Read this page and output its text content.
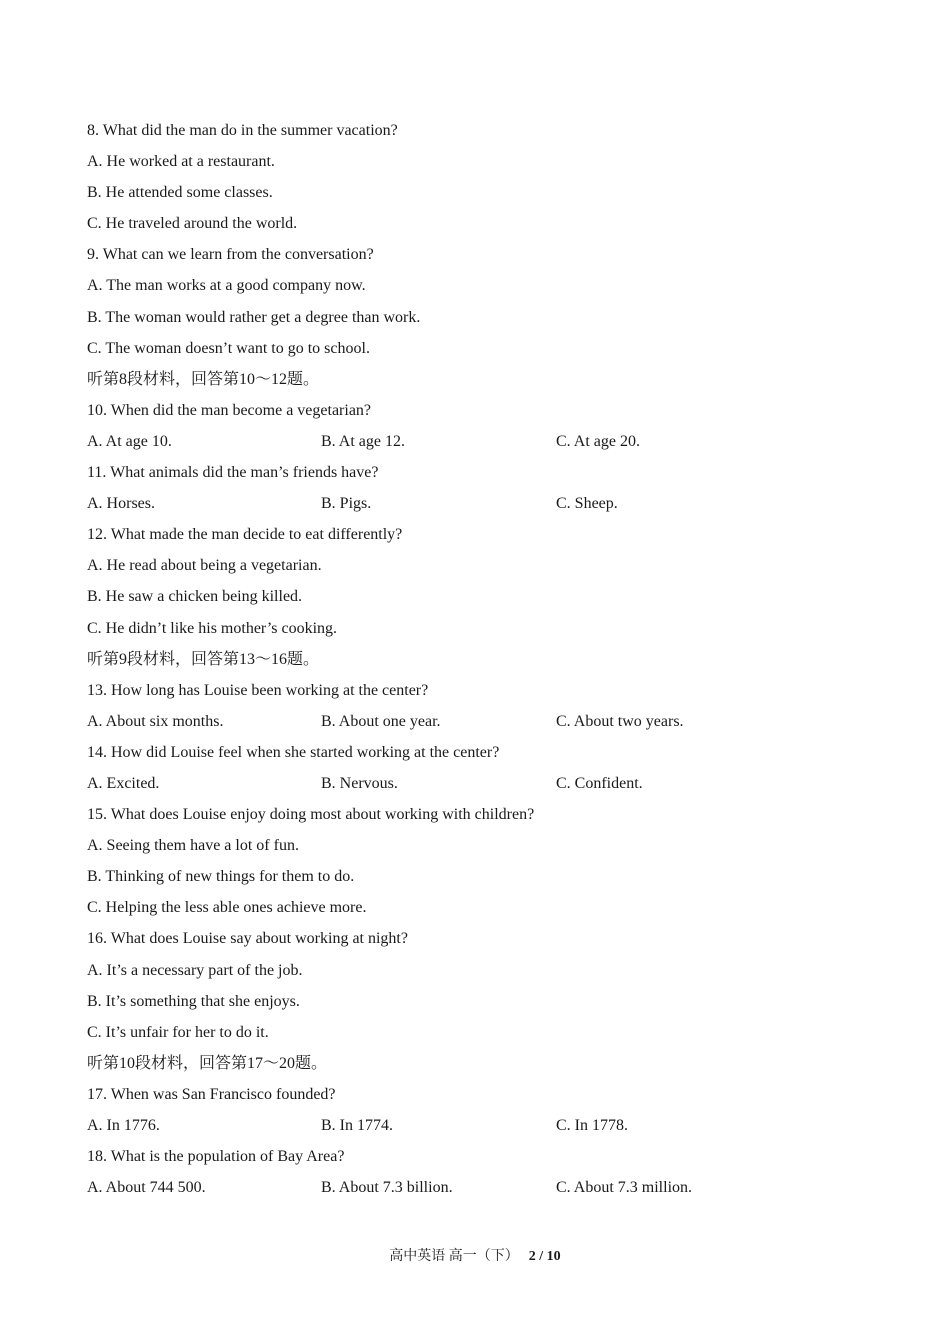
8. What did the man do in the summer vacation?
A. He worked at a restaurant.
B. He attended some classes.
C. He traveled around the world.
9. What can we learn from the conversation?
A. The man works at a good company now.
B. The woman would rather get a degree than work.
C. The woman doesn’t want to go to school.
听第8段材料，回答第10～12题。
10. When did the man become a vegetarian?
A. At age 10.	B. At age 12.	C. At age 20.
11. What animals did the man’s friends have?
A. Horses.	B. Pigs.	C. Sheep.
12. What made the man decide to eat differently?
A. He read about being a vegetarian.
B. He saw a chicken being killed.
C. He didn’t like his mother’s cooking.
听第9段材料，回答第13～16题。
13. How long has Louise been working at the center?
A. About six months.	B. About one year.	C. About two years.
14. How did Louise feel when she started working at the center?
A. Excited.	B. Nervous.	C. Confident.
15. What does Louise enjoy doing most about working with children?
A. Seeing them have a lot of fun.
B. Thinking of new things for them to do.
C. Helping the less able ones achieve more.
16. What does Louise say about working at night?
A. It’s a necessary part of the job.
B. It’s something that she enjoys.
C. It’s unfair for her to do it.
听第10段材料，回答第17～20题。
17. When was San Francisco founded?
A. In 1776.	B. In 1774.	C. In 1778.
18. What is the population of Bay Area?
A. About 744 500.	B. About 7.3 billion.	C. About 7.3 million.
高中英语 高一（下） 2 / 10
